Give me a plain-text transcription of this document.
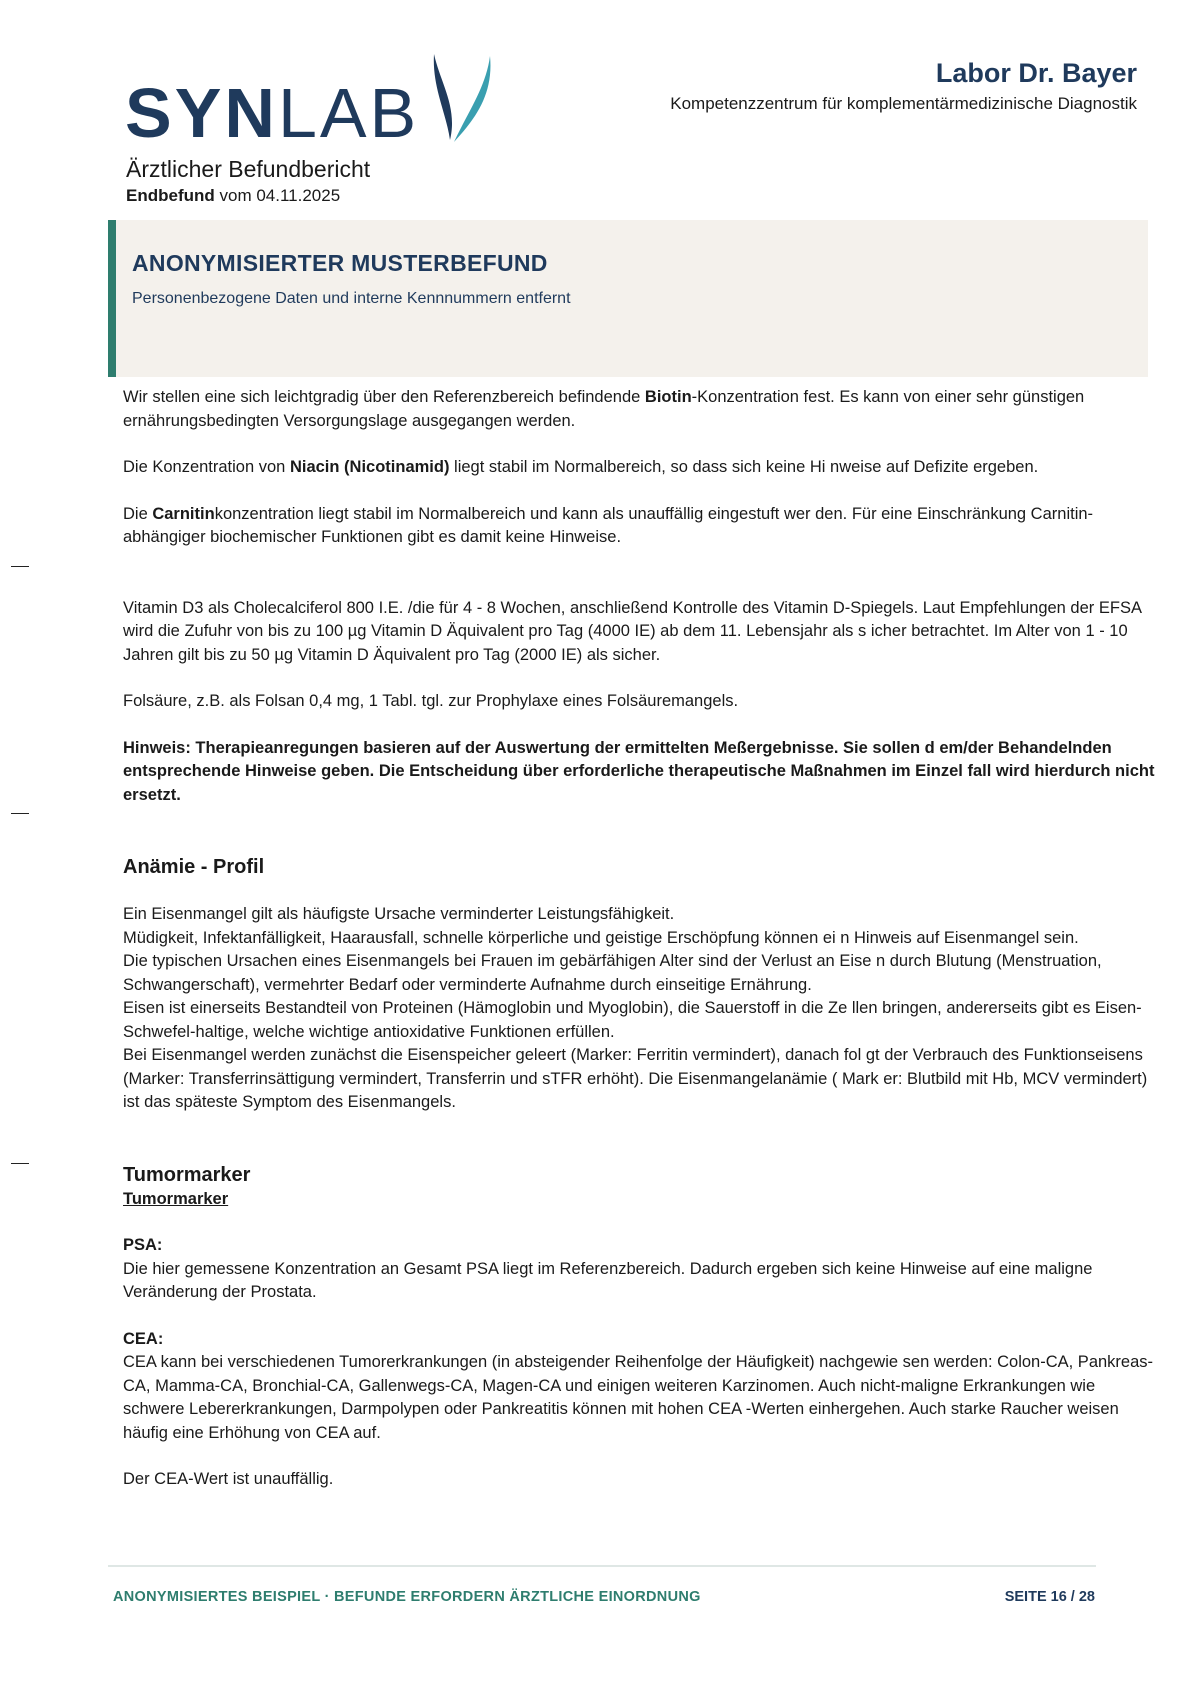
SYNLAB
Ärztlicher Befundbericht
Endbefund vom 04.11.2025
Labor Dr. Bayer
Kompetenzzentrum für komplementärmedizinische Diagnostik
ANONYMISIERTER MUSTERBEFUND
Personenbezogene Daten und interne Kennnummern entfernt

Wir stellen eine sich leichtgradig über den Referenzbereich befindende Biotin-Konzentration fest. Es kann von einer sehr günstigen ernährungsbedingten Versorgungslage ausgegangen werden.

Die Konzentration von Niacin (Nicotinamid) liegt stabil im Normalbereich, so dass sich keine Hi nweise auf Defizite ergeben.

Die Carnitinkonzentration liegt stabil im Normalbereich und kann als unauffällig eingestuft wer den. Für eine Einschränkung Carnitin-abhängiger biochemischer Funktionen gibt es damit keine Hinweise.

Vitamin D3 als Cholecalciferol 800 I.E. /die für 4 - 8 Wochen, anschließend Kontrolle des Vitamin D-Spiegels. Laut Empfehlungen der EFSA wird die Zufuhr von bis zu 100 µg Vitamin D Äquivalent pro Tag (4000 IE) ab dem 11. Lebensjahr als s icher betrachtet. Im Alter von 1 - 10 Jahren gilt bis zu 50 µg Vitamin D Äquivalent pro Tag (2000 IE) als sicher.

Folsäure, z.B. als Folsan 0,4 mg, 1 Tabl. tgl. zur Prophylaxe eines Folsäuremangels.

Hinweis: Therapieanregungen basieren auf der Auswertung der ermittelten Meßergebnisse. Sie sollen d em/der Behandelnden entsprechende Hinweise geben. Die Entscheidung über erforderliche therapeutische Maßnahmen im Einzel fall wird hierdurch nicht ersetzt.

Anämie - Profil

Ein Eisenmangel gilt als häufigste Ursache verminderter Leistungsfähigkeit.

Müdigkeit, Infektanfälligkeit, Haarausfall, schnelle körperliche und geistige Erschöpfung können ei n Hinweis auf Eisenmangel sein.

Die typischen Ursachen eines Eisenmangels bei Frauen im gebärfähigen Alter sind der Verlust an Eise n durch Blutung (Menstruation, Schwangerschaft), vermehrter Bedarf oder verminderte Aufnahme durch einseitige Ernährung.

Eisen ist einerseits Bestandteil von Proteinen (Hämoglobin und Myoglobin), die Sauerstoff in die Ze llen bringen, andererseits gibt es Eisen-Schwefel-haltige, welche wichtige antioxidative Funktionen erfüllen.

Bei Eisenmangel werden zunächst die Eisenspeicher geleert (Marker: Ferritin vermindert), danach fol gt der Verbrauch des Funktionseisens (Marker: Transferrinsättigung vermindert, Transferrin und sTFR erhöht). Die Eisenmangelanämie ( Mark er: Blutbild mit Hb, MCV vermindert) ist das späteste Symptom des Eisenmangels.

Tumormarker

Tumormarker

PSA:

Die hier gemessene Konzentration an Gesamt PSA liegt im Referenzbereich. Dadurch ergeben sich keine Hinweise auf eine maligne Veränderung der Prostata.

CEA:

CEA kann bei verschiedenen Tumorerkrankungen (in absteigender Reihenfolge der Häufigkeit) nachgewie sen werden: Colon-CA, Pankreas-CA, Mamma-CA, Bronchial-CA, Gallenwegs-CA, Magen-CA und einigen weiteren Karzinomen. Auch nicht-maligne Erkrankungen wie schwere Lebererkrankungen, Darmpolypen oder Pankreatitis können mit hohen CEA -Werten einhergehen. Auch starke Raucher weisen häufig eine Erhöhung von CEA auf.

Der CEA-Wert ist unauffällig.

ANONYMISIERTES BEISPIEL · BEFUNDE ERFORDERN ÄRZTLICHE EINORDNUNG	SEITE 16 / 28
